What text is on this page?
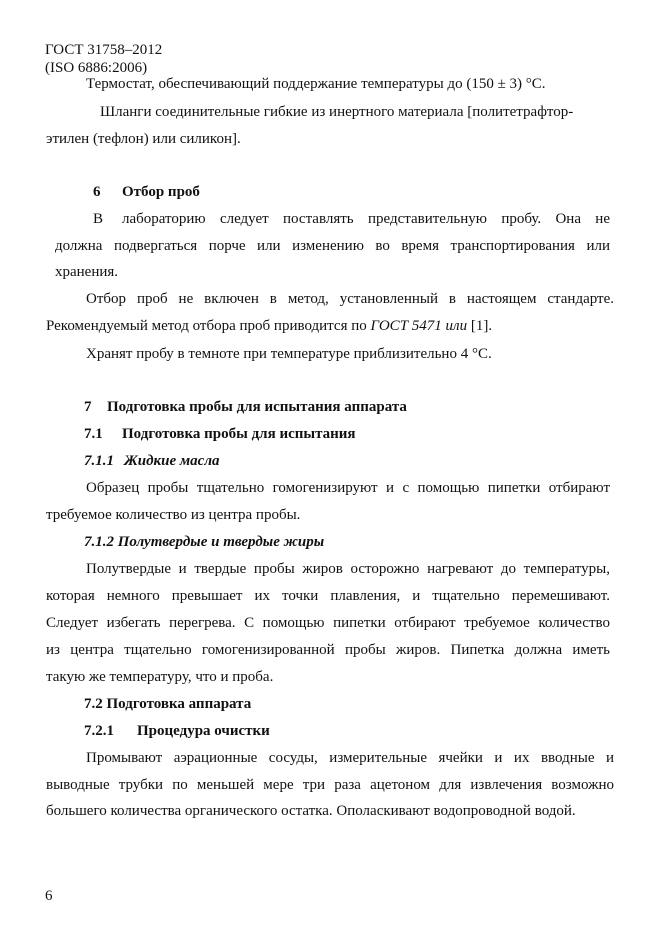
ГОСТ 31758–2012
(ISO 6886:2006)
Термостат, обеспечивающий поддержание температуры до (150 ± 3) °С.
Шланги соединительные гибкие из инертного материала [политетрафтор-
этилен (тефлон) или силикон].
6 Отбор проб
В лабораторию следует поставлять представительную пробу. Она не
должна подвергаться порче или изменению во время транспортирования или
хранения.
Отбор проб не включен в метод, установленный в настоящем стандарте.
Рекомендуемый метод отбора проб приводится по ГОСТ 5471 или [1].
Хранят пробу в темноте при температуре приблизительно 4 °С.
7 Подготовка пробы для испытания аппарата
7.1 Подготовка пробы для испытания
7.1.1 Жидкие масла
Образец пробы тщательно гомогенизируют и с помощью пипетки отбирают
требуемое количество из центра пробы.
7.1.2 Полутвердые и твердые жиры
Полутвердые и твердые пробы жиров осторожно нагревают до температуры,
которая немного превышает их точки плавления, и тщательно перемешивают.
Следует избегать перегрева. С помощью пипетки отбирают требуемое количество
из центра тщательно гомогенизированной пробы жиров. Пипетка должна иметь
такую же температуру, что и проба.
7.2 Подготовка аппарата
7.2.1 Процедура очистки
Промывают аэрационные сосуды, измерительные ячейки и их вводные и
выводные трубки по меньшей мере три раза ацетоном для извлечения возможно
большего количества органического остатка. Ополаскивают водопроводной водой.
6
